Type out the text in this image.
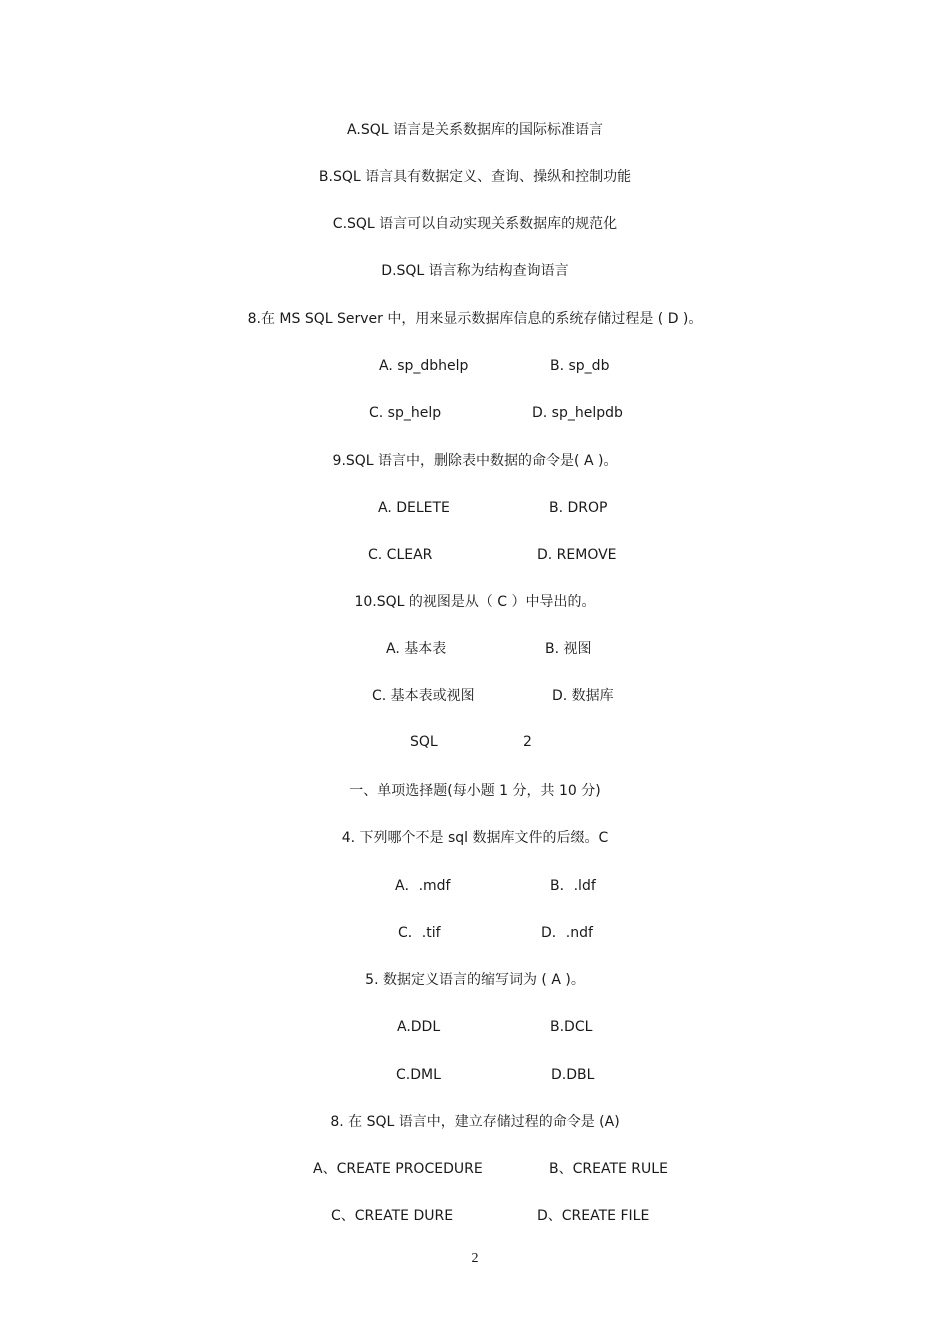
A.SQL 语言是关系数据库的国际标准语言
B.SQL 语言具有数据定义、查询、操纵和控制功能
C.SQL 语言可以自动实现关系数据库的规范化
D.SQL 语言称为结构查询语言
8.在 MS SQL Server 中，用来显示数据库信息的系统存储过程是 ( D )。
A. sp_dbhelp	B. sp_db
C. sp_help	D. sp_helpdb
9.SQL 语言中，删除表中数据的命令是( A )。
A. DELETE	B. DROP
C. CLEAR	D. REMOVE
10.SQL 的视图是从（ C ）中导出的。
A. 基本表	B. 视图
C. 基本表或视图	D. 数据库
SQL	2
一、单项选择题(每小题 1 分，共 10 分)
4. 下列哪个不是 sql 数据库文件的后缀。C
A．.mdf	B．.ldf
C．.tif	D．.ndf
5. 数据定义语言的缩写词为 ( A )。
A.DDL	B.DCL
C.DML	D.DBL
8. 在 SQL 语言中，建立存储过程的命令是 (A)
A、CREATE PROCEDURE	B、CREATE RULE
C、CREATE DURE	D、CREATE FILE
2
